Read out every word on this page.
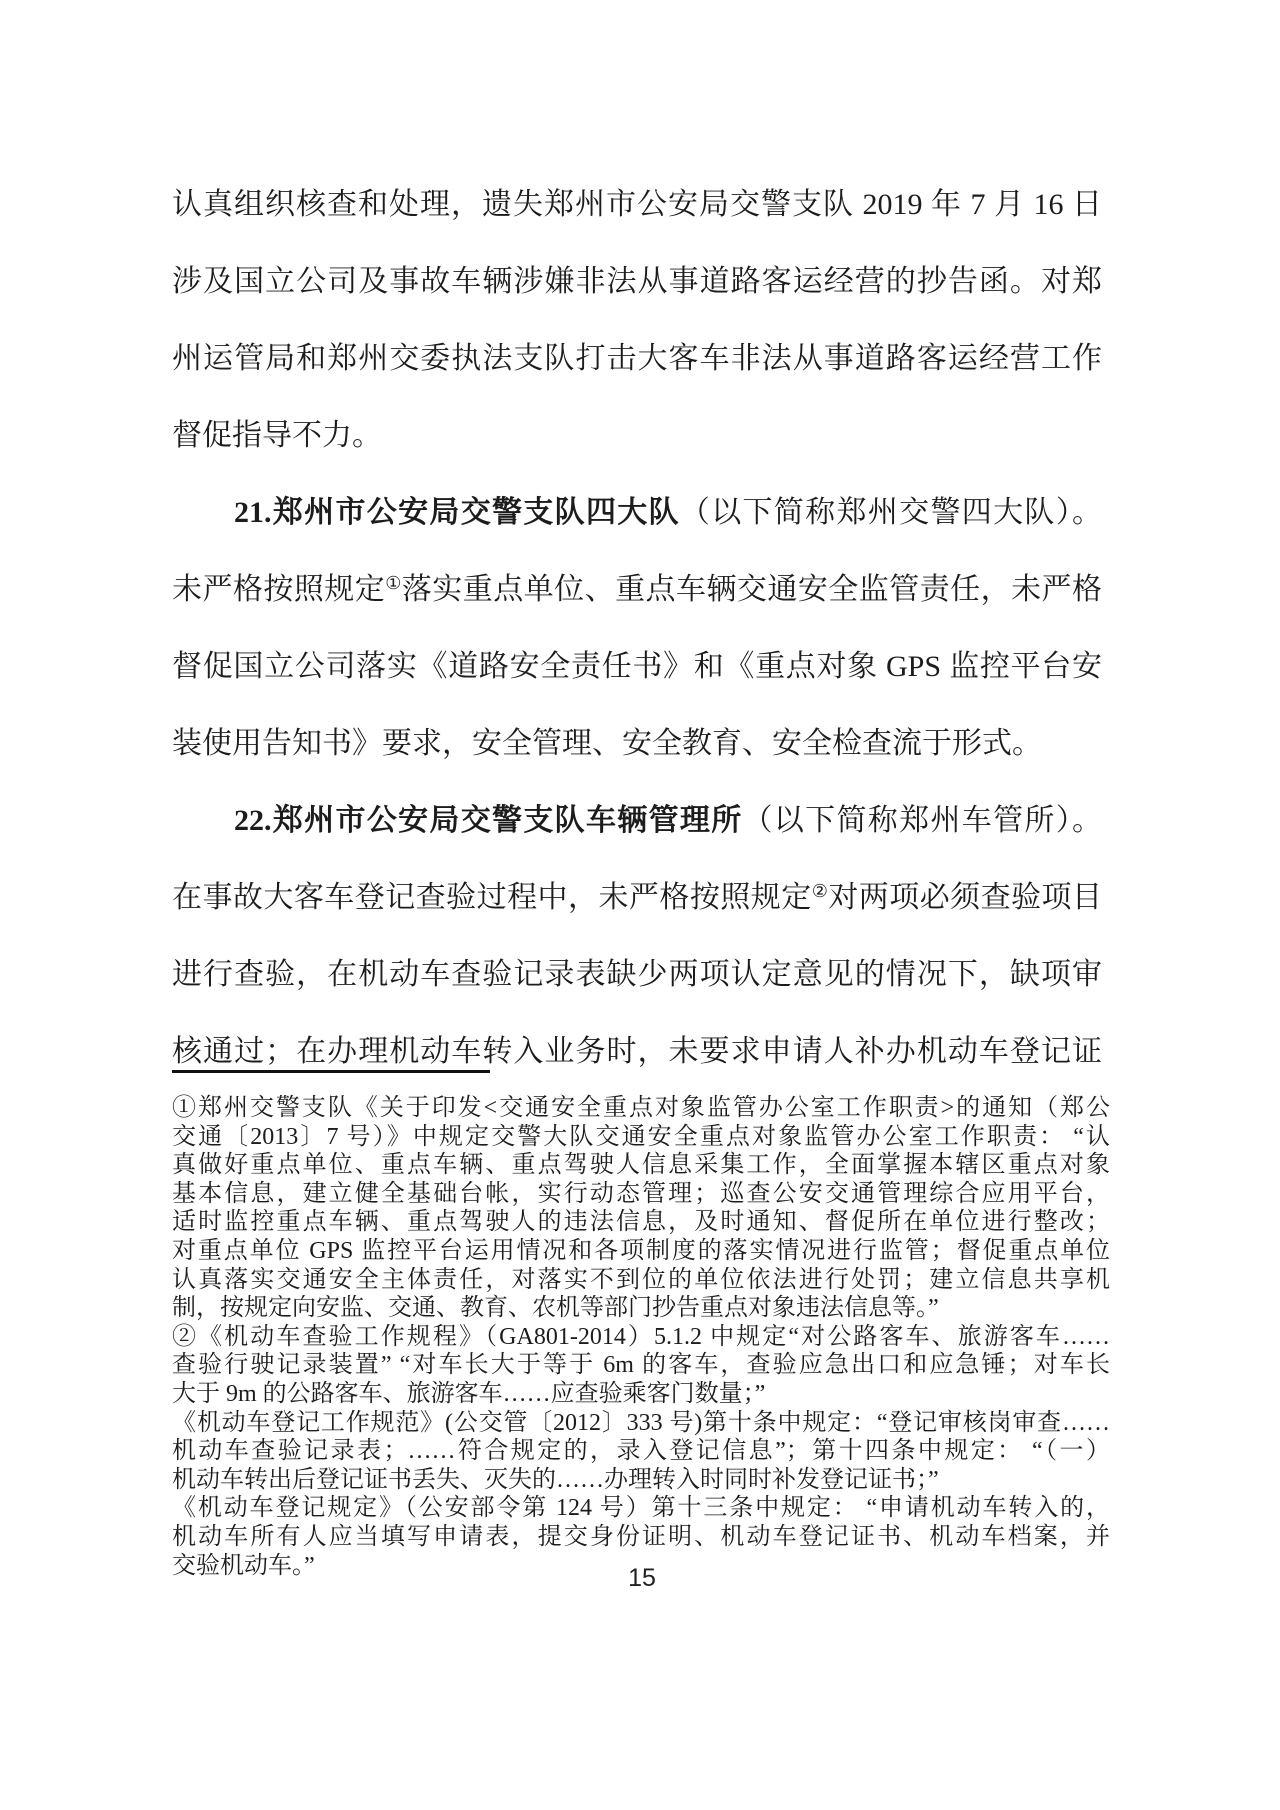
认真组织核查和处理，遗失郑州市公安局交警支队 2019 年 7 月 16 日
涉及国立公司及事故车辆涉嫌非法从事道路客运经营的抄告函。对郑
州运管局和郑州交委执法支队打击大客车非法从事道路客运经营工作
督促指导不力。
21.郑州市公安局交警支队四大队（以下简称郑州交警四大队）。
未严格按照规定①落实重点单位、重点车辆交通安全监管责任，未严格
督促国立公司落实《道路安全责任书》和《重点对象 GPS 监控平台安
装使用告知书》要求，安全管理、安全教育、安全检查流于形式。
22.郑州市公安局交警支队车辆管理所（以下简称郑州车管所）。
在事故大客车登记查验过程中，未严格按照规定②对两项必须查验项目
进行查验，在机动车查验记录表缺少两项认定意见的情况下，缺项审
核通过；在办理机动车转入业务时，未要求申请人补办机动车登记证
①郑州交警支队《关于印发<交通安全重点对象监管办公室工作职责>的通知（郑公
交通〔2013〕7 号）》中规定交警大队交通安全重点对象监管办公室工作职责： “认
真做好重点单位、重点车辆、重点驾驶人信息采集工作，全面掌握本辖区重点对象
基本信息，建立健全基础台帐，实行动态管理；巡查公安交通管理综合应用平台，
适时监控重点车辆、重点驾驶人的违法信息，及时通知、督促所在单位进行整改；
对重点单位 GPS 监控平台运用情况和各项制度的落实情况进行监管；督促重点单位
认真落实交通安全主体责任，对落实不到位的单位依法进行处罚；建立信息共享机
制，按规定向安监、交通、教育、农机等部门抄告重点对象违法信息等。”
②《机动车查验工作规程》（GA801-2014）5.1.2 中规定“对公路客车、旅游客车……
查验行驶记录装置” “对车长大于等于 6m 的客车，查验应急出口和应急锤；对车长
大于 9m 的公路客车、旅游客车……应查验乘客门数量；”
《机动车登记工作规范》(公交管〔2012〕333 号)第十条中规定：“登记审核岗审查……
机动车查验记录表；……符合规定的，录入登记信息”；第十四条中规定： “（一）
机动车转出后登记证书丢失、灭失的……办理转入时同时补发登记证书；”
《机动车登记规定》（公安部令第 124 号）第十三条中规定： “申请机动车转入的，
机动车所有人应当填写申请表，提交身份证明、机动车登记证书、机动车档案，并
交验机动车。”	15
